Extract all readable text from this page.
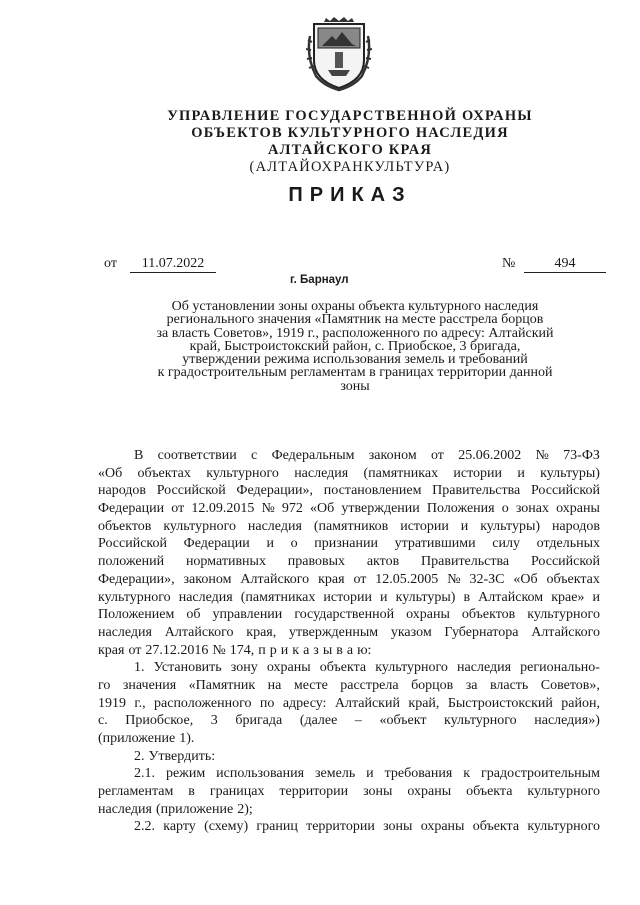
УПРАВЛЕНИЕ ГОСУДАРСТВЕННОЙ ОХРАНЫ
ОБЪЕКТОВ КУЛЬТУРНОГО НАСЛЕДИЯ
АЛТАЙСКОГО КРАЯ
(АЛТАЙОХРАНКУЛЬТУРА)
ПРИКАЗ
от	11.07.2022	№	494
г. Барнаул
Об установлении зоны охраны объекта культурного наследия
регионального значения «Памятник на месте расстрела борцов
за власть Советов», 1919 г., расположенного по адресу: Алтайский
край, Быстроистокский район, с. Приобское, 3 бригада,
утверждении режима использования земель и требований
к градостроительным регламентам в границах территории данной
зоны
В соответствии с Федеральным законом от 25.06.2002 № 73-ФЗ
«Об объектах культурного наследия (памятниках истории и культуры)
народов Российской Федерации», постановлением Правительства Российской
Федерации от 12.09.2015 № 972 «Об утверждении Положения о зонах охраны
объектов культурного наследия (памятников истории и культуры) народов
Российской Федерации и о признании утратившими силу отдельных
положений нормативных правовых актов Правительства Российской
Федерации», законом Алтайского края от 12.05.2005 № 32-ЗС «Об объектах
культурного наследия (памятниках истории и культуры) в Алтайском крае» и
Положением об управлении государственной охраны объектов культурного
наследия Алтайского края, утвержденным указом Губернатора Алтайского
края от 27.12.2016 № 174, п р и к а з ы в а ю:
1. Установить зону охраны объекта культурного наследия регионально-
го значения «Памятник на месте расстрела борцов за власть Советов»,
1919 г., расположенного по адресу: Алтайский край, Быстроистокский район,
с. Приобское, 3 бригада (далее – «объект культурного наследия»)
(приложение 1).
2. Утвердить:
2.1. режим использования земель и требования к градостроительным
регламентам в границах территории зоны охраны объекта культурного
наследия (приложение 2);
2.2. карту (схему) границ территории зоны охраны объекта культурного
